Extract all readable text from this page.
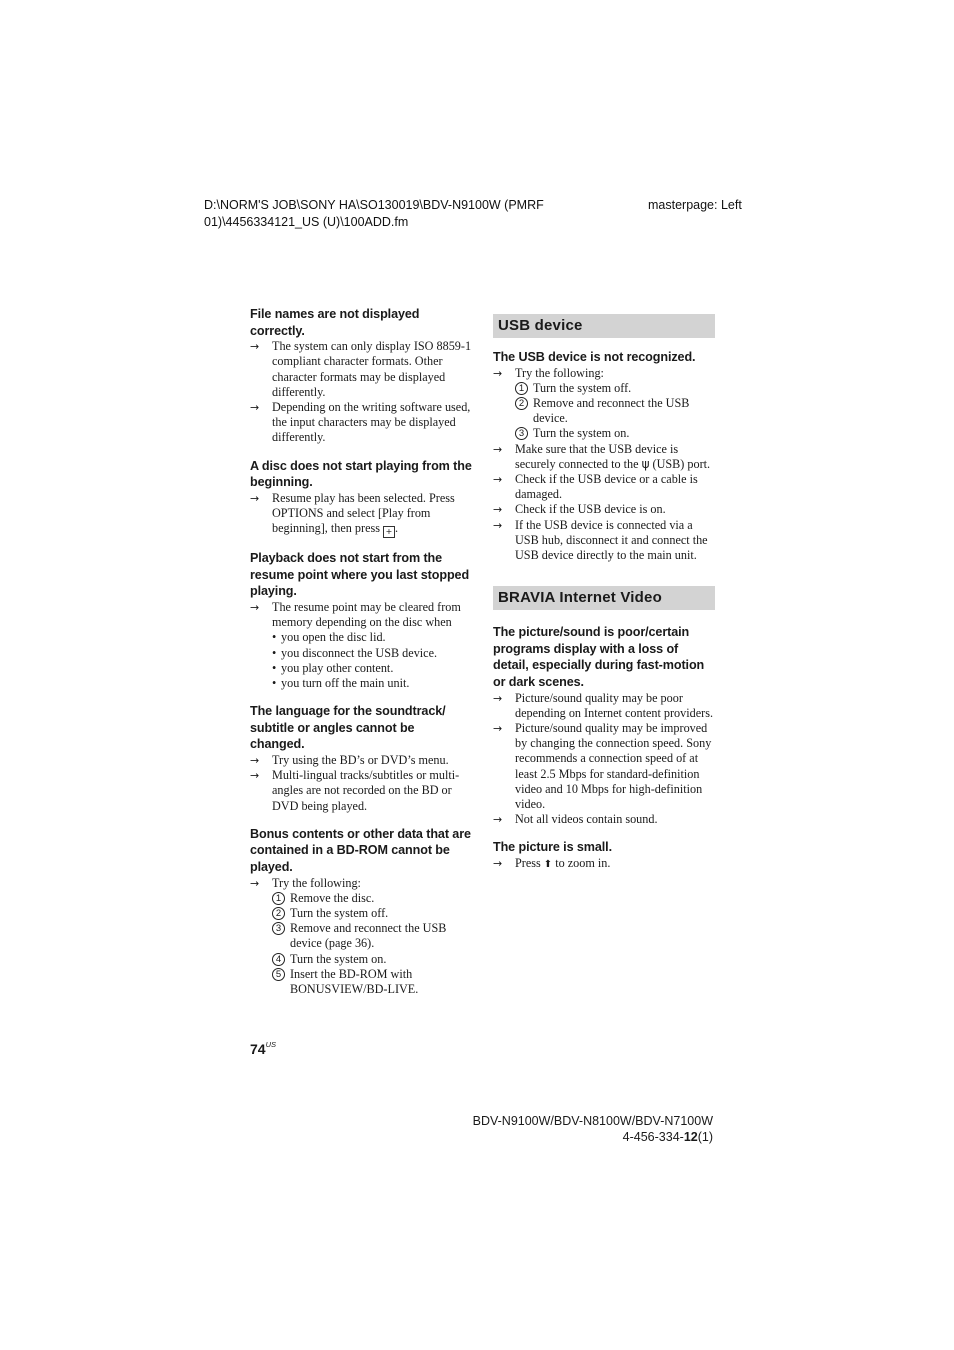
D:\NORM'S JOB\SONY HA\SO130019\BDV-N9100W (PMRF
01)\4456334121_US (U)\100ADD.fm
masterpage: Left
File names are not displayed correctly.
→	The system can only display ISO 8859-1 compliant character formats. Other character formats may be displayed differently.
→	Depending on the writing software used, the input characters may be displayed differently.
A disc does not start playing from the beginning.
→	Resume play has been selected. Press OPTIONS and select [Play from beginning], then press + .
Playback does not start from the resume point where you last stopped playing.
→	The resume point may be cleared from memory depending on the disc when
• you open the disc lid.
• you disconnect the USB device.
• you play other content.
• you turn off the main unit.
The language for the soundtrack/ subtitle or angles cannot be changed.
→	Try using the BD’s or DVD’s menu.
→	Multi-lingual tracks/subtitles or multi-angles are not recorded on the BD or DVD being played.
Bonus contents or other data that are contained in a BD-ROM cannot be played.
→	Try the following:
1 Remove the disc.
2 Turn the system off.
3 Remove and reconnect the USB device (page 36).
4 Turn the system on.
5 Insert the BD-ROM with BONUSVIEW/BD-LIVE.
USB device
The USB device is not recognized.
→	Try the following:
1 Turn the system off.
2 Remove and reconnect the USB device.
3 Turn the system on.
→	Make sure that the USB device is securely connected to the ψ (USB) port.
→	Check if the USB device or a cable is damaged.
→	Check if the USB device is on.
→	If the USB device is connected via a USB hub, disconnect it and connect the USB device directly to the main unit.
BRAVIA Internet Video
The picture/sound is poor/certain programs display with a loss of detail, especially during fast-motion or dark scenes.
→	Picture/sound quality may be poor depending on Internet content providers.
→	Picture/sound quality may be improved by changing the connection speed. Sony recommends a connection speed of at least 2.5 Mbps for standard-definition video and 10 Mbps for high-definition video.
→	Not all videos contain sound.
The picture is small.
→	Press ⬆ to zoom in.
$74^{US}$
BDV-N9100W/BDV-N8100W/BDV-N7100W
4-456-334-12(1)
